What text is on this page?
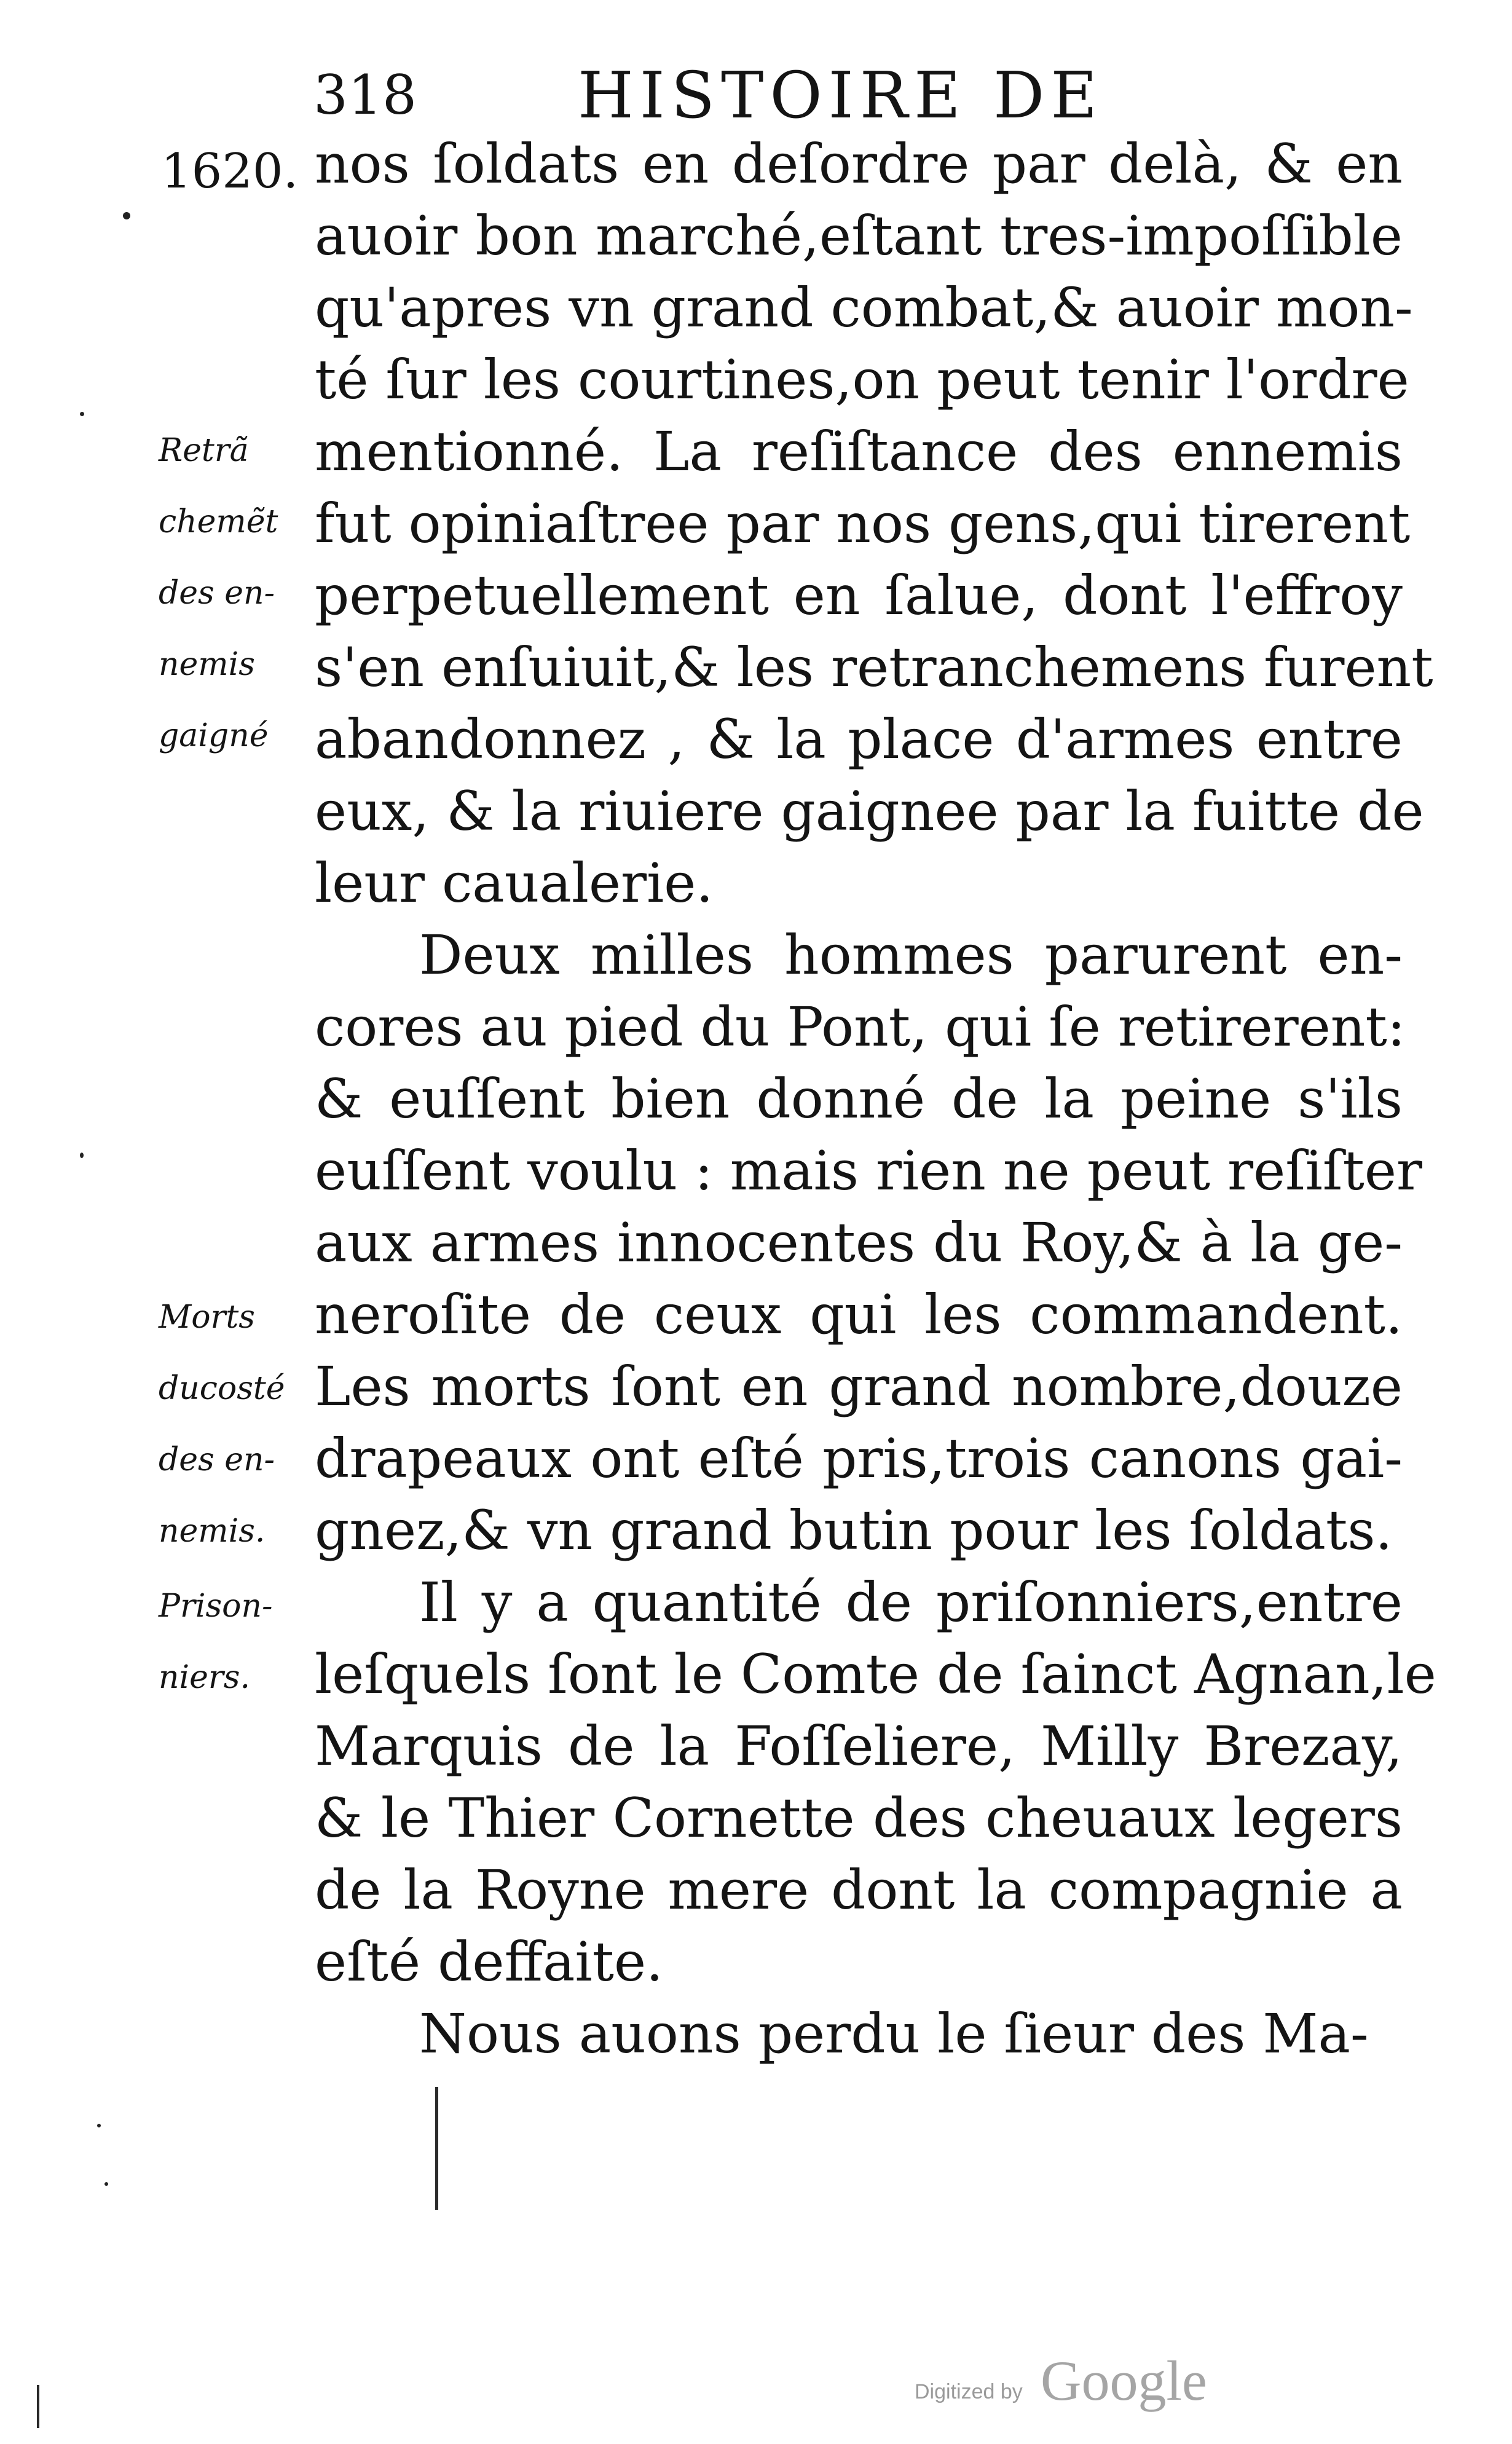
318	HISTOIRE DE
1620.
Retrã
chemẽt
des en-
nemis
gaigné
Morts
ducosté
des en-
nemis.
Prison-
niers.
nos ſoldats en deſordre par delà, & en
auoir bon marché,eſtant tres-impoſſible
qu'apres vn grand combat,& auoir mon-
té ſur les courtines,on peut tenir l'ordre
mentionné. La reſiſtance des ennemis
fut opiniaſtree par nos gens,qui tirerent
perpetuellement en ſalue, dont l'effroy
s'en enſuiuit,& les retranchemens furent
abandonnez , & la place d'armes entre
eux, & la riuiere gaignee par la fuitte de
leur caualerie.
Deux milles hommes parurent en-
cores au pied du Pont, qui ſe retirerent:
& euſſent bien donné de la peine s'ils
euſſent voulu : mais rien ne peut reſiſter
aux armes innocentes du Roy,& à la ge-
neroſite de ceux qui les commandent.
Les morts ſont en grand nombre,douze
drapeaux ont eſté pris,trois canons gai-
gnez,& vn grand butin pour les ſoldats.
Il y a quantité de priſonniers,entre
leſquels ſont le Comte de ſainct Agnan,le
Marquis de la Foſſeliere, Milly Brezay,
& le Thier Cornette des cheuaux legers
de la Royne mere dont la compagnie a
eſté deffaite.
Nous auons perdu le ſieur des Ma-
Digitized by Google
